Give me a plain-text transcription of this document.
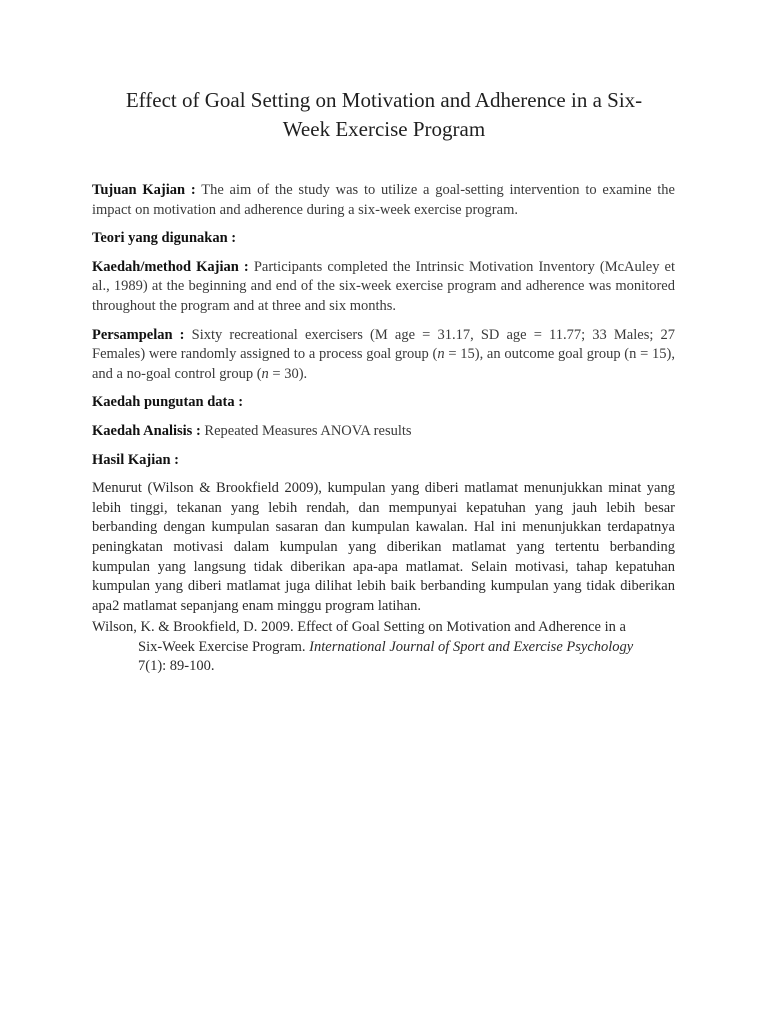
Effect of Goal Setting on Motivation and Adherence in a Six-
Week Exercise Program

Tujuan Kajian : The aim of the study was to utilize a goal-setting intervention to examine the impact on motivation and adherence during a six-week exercise program.

Teori yang digunakan :

Kaedah/method Kajian : Participants completed the Intrinsic Motivation Inventory (McAuley et al., 1989) at the beginning and end of the six-week exercise program and adherence was monitored throughout the program and at three and six months.

Persampelan : Sixty recreational exercisers (M age = 31.17, SD age = 11.77; 33 Males; 27 Females) were randomly assigned to a process goal group (n = 15), an outcome goal group (n = 15), and a no-goal control group (n = 30).

Kaedah pungutan data :

Kaedah Analisis : Repeated Measures ANOVA results

Hasil Kajian :

Menurut (Wilson & Brookfield 2009), kumpulan yang diberi matlamat menunjukkan minat yang lebih tinggi, tekanan yang lebih rendah, dan mempunyai kepatuhan yang jauh lebih besar berbanding dengan kumpulan sasaran dan kumpulan kawalan. Hal ini menunjukkan terdapatnya peningkatan motivasi dalam kumpulan yang diberikan matlamat yang tertentu berbanding kumpulan yang langsung tidak diberikan apa-apa matlamat. Selain motivasi, tahap kepatuhan kumpulan yang diberi matlamat juga dilihat lebih baik berbanding kumpulan yang tidak diberikan apa2 matlamat sepanjang enam minggu program latihan.

Wilson, K. & Brookfield, D. 2009. Effect of Goal Setting on Motivation and Adherence in a
Six-Week Exercise Program. International Journal of Sport and Exercise Psychology
7(1): 89-100.
